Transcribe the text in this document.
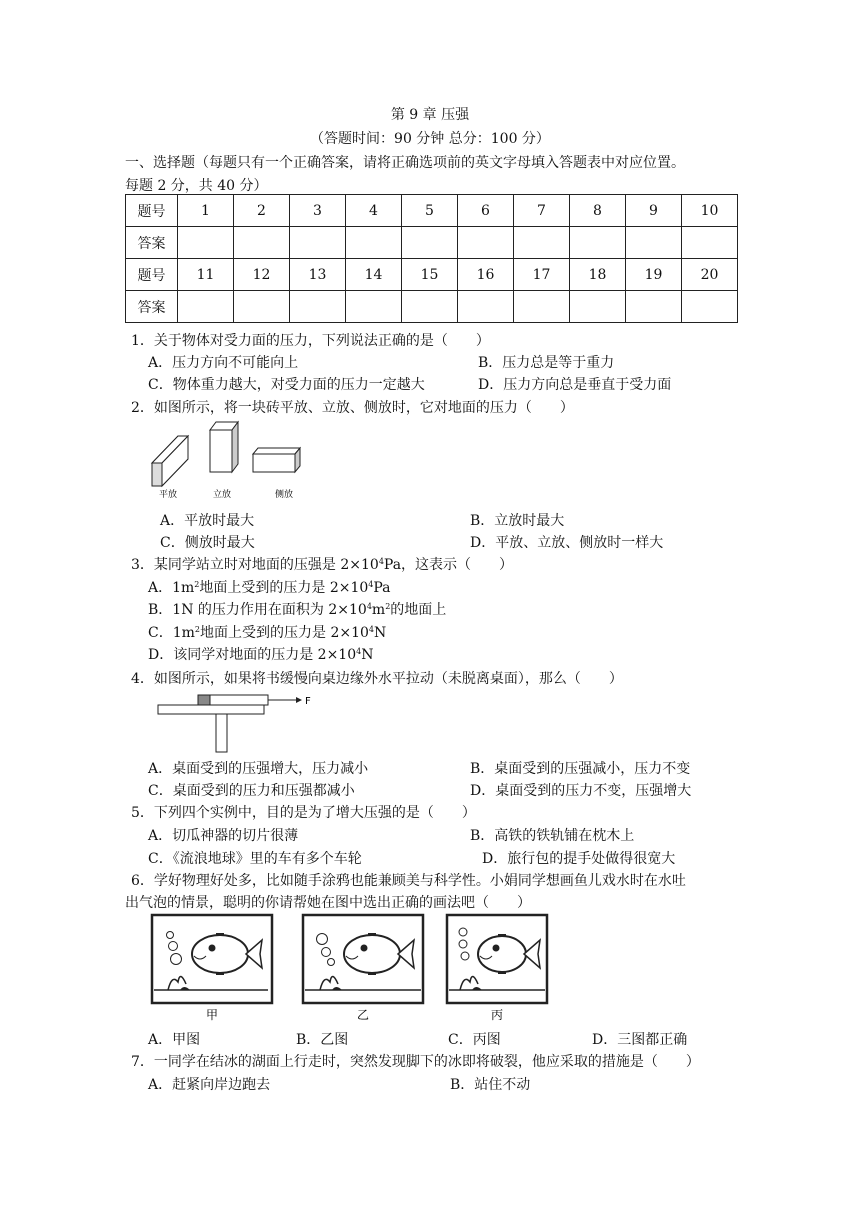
第 9 章 压强
（答题时间：90 分钟 总分：100 分）
一、选择题（每题只有一个正确答案，请将正确选项前的英文字母填入答题表中对应位置。
每题 2 分，共 40 分）
题号	1	2	3	4	5	6	7	8	9	10
答案										
题号	11	12	13	14	15	16	17	18	19	20
答案										
1．关于物体对受力面的压力，下列说法正确的是（　　）
A．压力方向不可能向上	B．压力总是等于重力
C．物体重力越大，对受力面的压力一定越大	D．压力方向总是垂直于受力面
2．如图所示，将一块砖平放、立放、侧放时，它对地面的压力（　　）
平放	立放	侧放
A．平放时最大	B．立放时最大
C．侧放时最大	D．平放、立放、侧放时一样大
3．某同学站立时对地面的压强是 $2\times 10^4Pa$，这表示（　　）
A．$1m^2$地面上受到的压力是 $2\times 10^4Pa$
B．1N 的压力作用在面积为 $2\times 10^4m^2$的地面上
C．$1m^2$地面上受到的压力是 $2\times 10^4N$
D．该同学对地面的压力是 $2\times 10^4N$
4．如图所示，如果将书缓慢向桌边缘外水平拉动（未脱离桌面），那么（　　）
F
A．桌面受到的压强增大，压力减小	B．桌面受到的压强减小，压力不变
C．桌面受到的压力和压强都减小	D．桌面受到的压力不变，压强增大
5．下列四个实例中，目的是为了增大压强的是（　　）
A．切瓜神器的切片很薄	B．高铁的铁轨铺在枕木上
C．《流浪地球》里的车有多个车轮	D．旅行包的提手处做得很宽大
6．学好物理好处多，比如随手涂鸦也能兼顾美与科学性。小娟同学想画鱼儿戏水时在水吐
出气泡的情景，聪明的你请帮她在图中选出正确的画法吧（　　）
甲	乙	丙
A．甲图	B．乙图	C．丙图	D．三图都正确
7．一同学在结冰的湖面上行走时，突然发现脚下的冰即将破裂，他应采取的措施是（　　）
A．赶紧向岸边跑去	B．站住不动
